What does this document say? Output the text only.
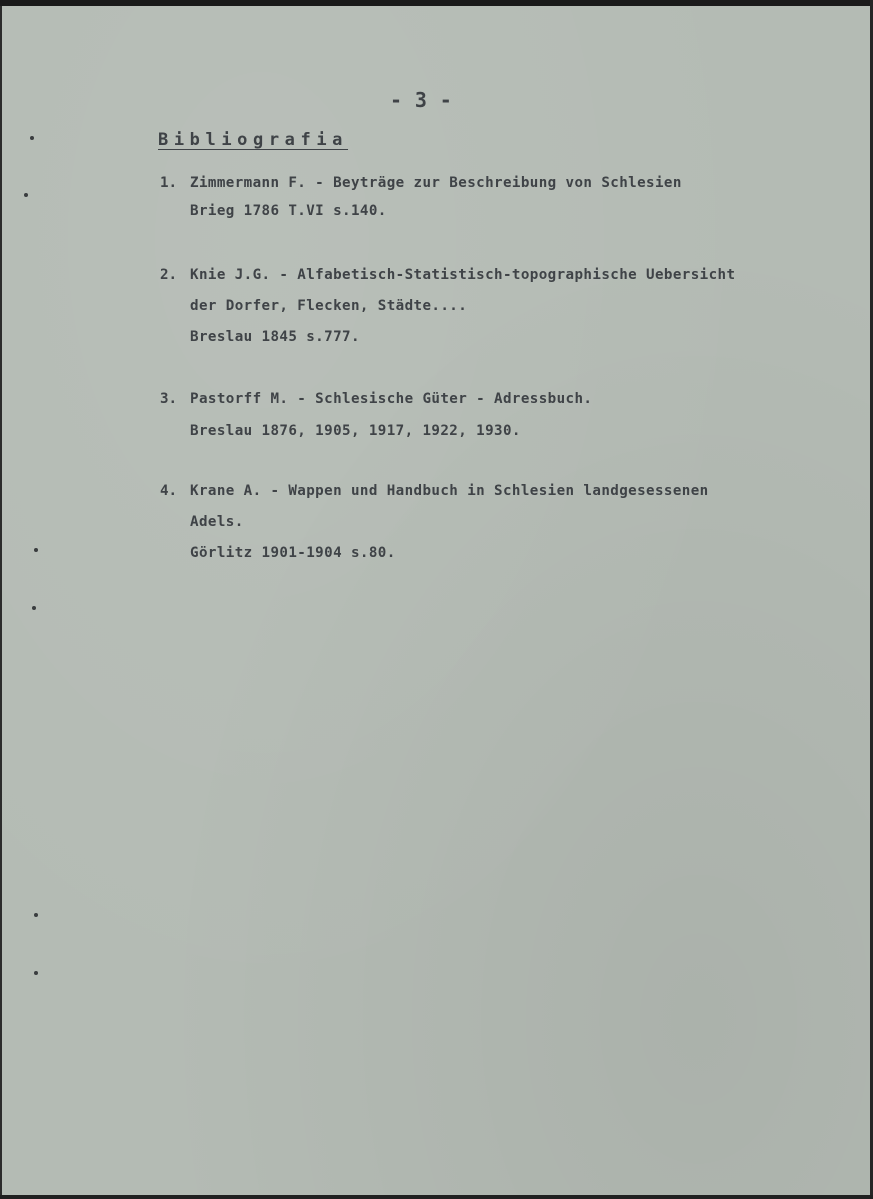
- 3 -
Bibliografia
1. Zimmermann F. - Beyträge zur Beschreibung von Schlesien
Brieg 1786 T.VI s.140.
2. Knie J.G. - Alfabetisch-Statistisch-topographische Uebersicht
der Dorfer, Flecken, Städte....
Breslau 1845 s.777.
3. Pastorff M. - Schlesische Güter - Adressbuch.
Breslau 1876, 1905, 1917, 1922, 1930.
4. Krane A. - Wappen und Handbuch in Schlesien landgesessenen
Adels.
Görlitz 1901-1904 s.80.
